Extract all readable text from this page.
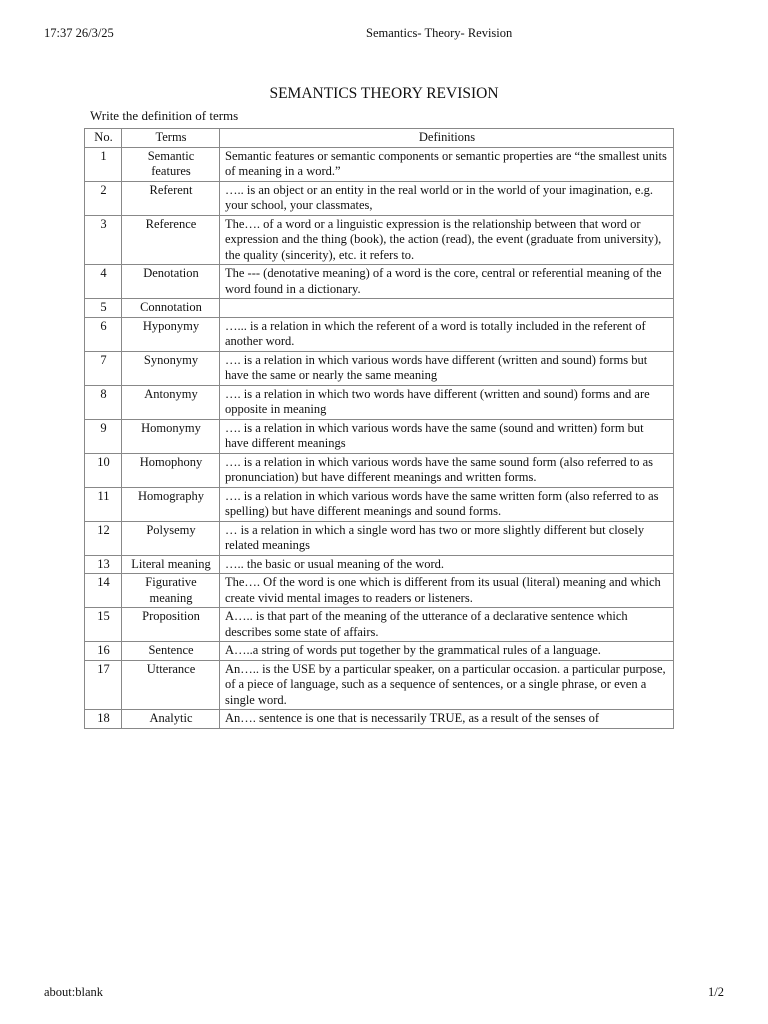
17:37 26/3/25	Semantics- Theory- Revision
SEMANTICS THEORY REVISION
Write the definition of terms
No.	Terms	Definitions
1	Semantic features	Semantic features or semantic components or semantic properties are “the smallest units of meaning in a word.”
2	Referent	….. is an object or an entity in the real world or in the world of your imagination, e.g. your school, your classmates,
3	Reference	The…. of a word or a linguistic expression is the relationship between that word or expression and the thing (book), the action (read), the event (graduate from university), the quality (sincerity), etc. it refers to.
4	Denotation	The --- (denotative meaning) of a word is the core, central or referential meaning of the word found in a dictionary.
5	Connotation	
6	Hyponymy	…... is a relation in which the referent of a word is totally included in the referent of another word.
7	Synonymy	…. is a relation in which various words have different (written and sound) forms but have the same or nearly the same meaning
8	Antonymy	…. is a relation in which two words have different (written and sound) forms and are opposite in meaning
9	Homonymy	…. is a relation in which various words have the same (sound and written) form but have different meanings
10	Homophony	…. is a relation in which various words have the same sound form (also referred to as pronunciation) but have different meanings and written forms.
11	Homography	…. is a relation in which various words have the same written form (also referred to as spelling) but have different meanings and sound forms.
12	Polysemy	… is a relation in which a single word has two or more slightly different but closely related meanings
13	Literal meaning	….. the basic or usual meaning of the word.
14	Figurative meaning	The…. Of the word is one which is different from its usual (literal) meaning and which create vivid mental images to readers or listeners.
15	Proposition	A….. is that part of the meaning of the utterance of a declarative sentence which describes some state of affairs.
16	Sentence	A…..a string of words put together by the grammatical rules of a language.
17	Utterance	An….. is the USE by a particular speaker, on a particular occasion. a particular purpose, of a piece of language, such as a sequence of sentences, or a single phrase, or even a single word.
18	Analytic	An…. sentence is one that is necessarily TRUE, as a result of the senses of
about:blank	1/2
